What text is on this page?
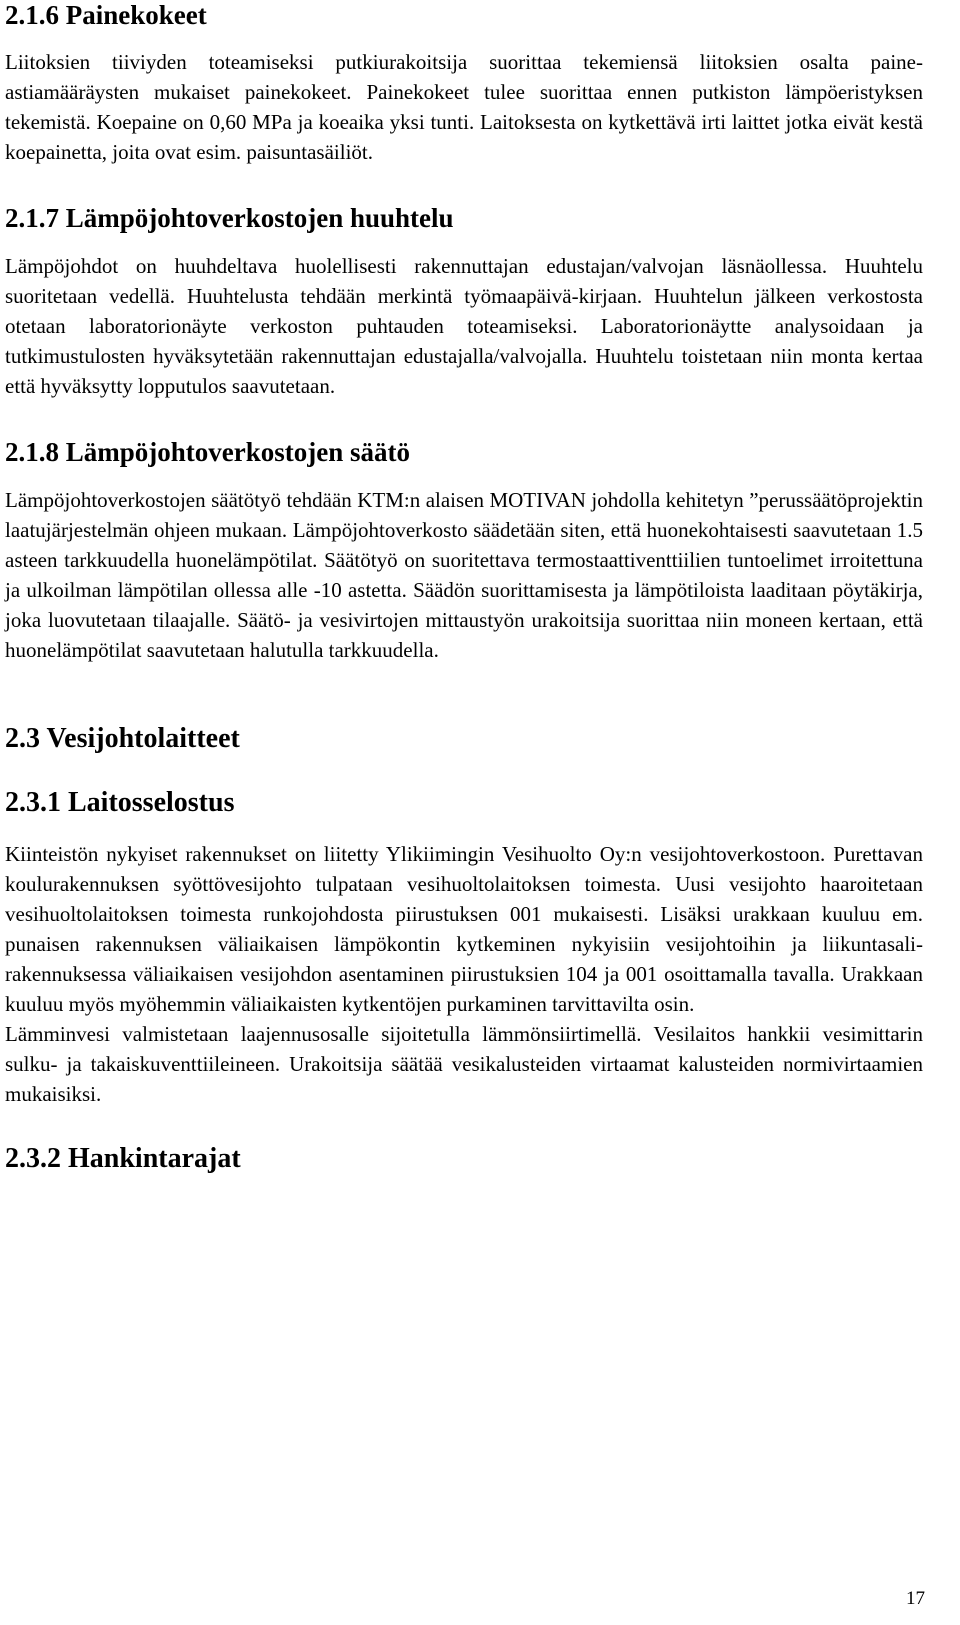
2.1.6 Painekokeet

Liitoksien tiiviyden toteamiseksi putkiurakoitsija suorittaa tekemiensä liitoksien osalta paine-astiamääräysten mukaiset painekokeet. Painekokeet tulee suorittaa ennen putkiston lämpöeristyksen tekemistä. Koepaine on 0,60 MPa ja koeaika yksi tunti. Laitoksesta on kytkettävä irti laittet jotka eivät kestä koepainetta, joita ovat esim. paisuntasäiliöt.

2.1.7 Lämpöjohtoverkostojen huuhtelu

Lämpöjohdot on huuhdeltava huolellisesti rakennuttajan edustajan/valvojan läsnäollessa. Huuhtelu suoritetaan vedellä. Huuhtelusta tehdään merkintä työmaapäivä-kirjaan. Huuhtelun jälkeen verkostosta otetaan laboratorionäyte verkoston puhtauden toteamiseksi. Laboratorionäytte analysoidaan ja tutkimustulosten hyväksytetään rakennuttajan edustajalla/valvojalla. Huuhtelu toistetaan niin monta kertaa että hyväksytty lopputulos saavutetaan.

2.1.8 Lämpöjohtoverkostojen säätö

Lämpöjohtoverkostojen säätötyö tehdään KTM:n alaisen MOTIVAN johdolla kehitetyn ”perussäätöprojektin laatujärjestelmän ohjeen mukaan. Lämpöjohtoverkosto säädetään siten, että huonekohtaisesti saavutetaan 1.5 asteen tarkkuudella huonelämpötilat. Säätötyö on suoritettava termostaattiventtiilien tuntoelimet irroitettuna ja ulkoilman lämpötilan ollessa alle -10 astetta. Säädön suorittamisesta ja lämpötiloista laaditaan pöytäkirja, joka luovutetaan tilaajalle. Säätö- ja vesivirtojen mittaustyön urakoitsija suorittaa niin moneen kertaan, että huonelämpötilat saavutetaan halutulla tarkkuudella.

2.3 Vesijohtolaitteet
2.3.1 Laitosselostus

Kiinteistön nykyiset rakennukset on liitetty Ylikiimingin Vesihuolto Oy:n vesijohtoverkostoon. Purettavan koulurakennuksen syöttövesijohto tulpataan vesihuoltolaitoksen toimesta. Uusi vesijohto haaroitetaan vesihuoltolaitoksen toimesta runkojohdosta piirustuksen 001 mukaisesti. Lisäksi urakkaan kuuluu em. punaisen rakennuksen väliaikaisen lämpökontin kytkeminen nykyisiin vesijohtoihin ja liikuntasali-rakennuksessa väliaikaisen vesijohdon asentaminen piirustuksien 104 ja 001 osoittamalla tavalla. Urakkaan kuuluu myös myöhemmin väliaikaisten kytkentöjen purkaminen tarvittavilta osin.

Lämminvesi valmistetaan laajennusosalle sijoitetulla lämmönsiirtimellä. Vesilaitos hankkii vesimittarin sulku- ja takaiskuventtiileineen. Urakoitsija säätää vesikalusteiden virtaamat kalusteiden normivirtaamien mukaisiksi.

2.3.2 Hankintarajat
17
